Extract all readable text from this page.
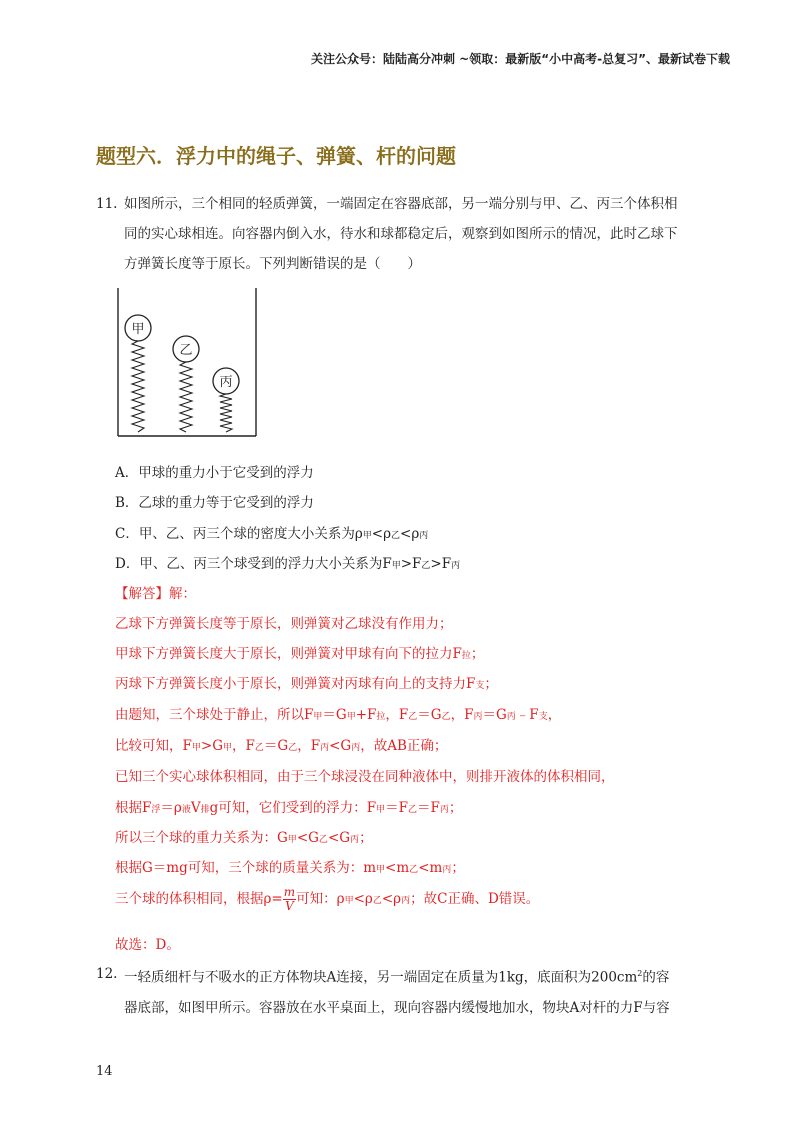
关注公众号：陆陆高分冲刺 ~领取：最新版“小中高考-总复习”、最新试卷下载
题型六．浮力中的绳子、弹簧、杆的问题
11. 如图所示，三个相同的轻质弹簧，一端固定在容器底部，另一端分别与甲、乙、丙三个体积相
同的实心球相连。向容器内倒入水，待水和球都稳定后，观察到如图所示的情况，此时乙球下
方弹簧长度等于原长。下列判断错误的是（　　）
甲
乙
丙
A．甲球的重力小于它受到的浮力
B．乙球的重力等于它受到的浮力
C．甲、乙、丙三个球的密度大小关系为ρ甲<ρ乙<ρ丙
D．甲、乙、丙三个球受到的浮力大小关系为F甲>F乙>F丙
【解答】解：
乙球下方弹簧长度等于原长，则弹簧对乙球没有作用力；
甲球下方弹簧长度大于原长，则弹簧对甲球有向下的拉力F拉；
丙球下方弹簧长度小于原长，则弹簧对丙球有向上的支持力F支；
由题知，三个球处于静止，所以F甲＝G甲+F拉，F乙＝G乙，F丙＝G丙﹣F支，
比较可知，F甲>G甲，F乙＝G乙，F丙<G丙，故AB正确；
已知三个实心球体积相同，由于三个球浸没在同种液体中，则排开液体的体积相同，
根据F浮＝ρ液V排g可知，它们受到的浮力：F甲＝F乙＝F丙；
所以三个球的重力关系为：G甲<G乙<G丙；
根据G＝mg可知，三个球的质量关系为：m甲<m乙<m丙；
三个球的体积相同，根据$\rho= \frac{m}{V}$ 可知：ρ甲<ρ乙<ρ丙；故C正确、D错误。
故选：D。
12. 一轻质细杆与不吸水的正方体物块A连接，另一端固定在质量为1kg，底面积为$200cm^2$的容
器底部，如图甲所示。容器放在水平桌面上，现向容器内缓慢地加水，物块A对杆的力F与容
14
